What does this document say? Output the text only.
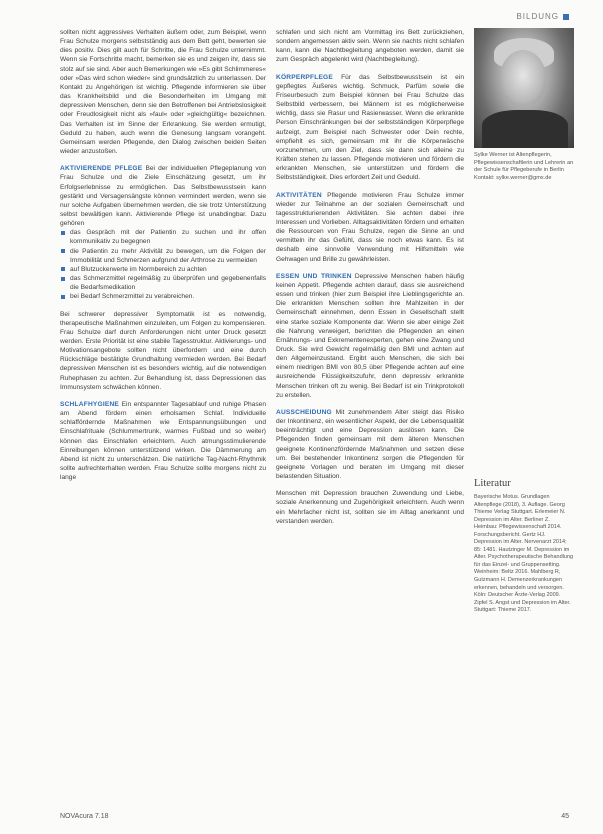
BILDUNG

sollten nicht aggressives Verhalten äußern oder, zum Beispiel, wenn Frau Schulze morgens selbstständig aus dem Bett geht, bewerten sie dies positiv. Dies gilt auch für Schritte, die Frau Schulze unternimmt. Wenn sie Fortschritte macht, bemerken sie es und zeigen ihr, dass sie stolz auf sie sind. Aber auch Bemerkungen wie »Es gibt Schlimmeres« oder »Das wird schon wieder« sind grundsätzlich zu unterlassen. Der Kontakt zu Angehörigen ist wichtig. Pflegende informieren sie über das Krankheitsbild und die Besonderheiten im Umgang mit depressiven Menschen, denn sie den Betroffenen bei Antriebslosigkeit oder Freudlosigkeit nicht als »faul« oder »gleichgültig« bezeichnen. Das Verhalten ist im Sinne der Erkrankung. Sie werden ermutigt, Geduld zu haben, auch wenn die Genesung langsam vorangeht. Gemeinsam werden Pflegende, den Dialog zwischen beiden Seiten wieder anzustoßen.

AKTIVIERENDE PFLEGE Bei der individuellen Pflegeplanung von Frau Schulze und die Ziele Einschätzung gesetzt, um ihr Erfolgserlebnisse zu ermöglichen. Das Selbstbewusstsein kann gestärkt und Versagensängste können vermindert werden, wenn sie nur solche Aufgaben übernehmen werden, die sie trotz Unterstützung selbst bewältigen kann. Aktivierende Pflege ist unabdingbar. Dazu gehören

das Gespräch mit der Patientin zu suchen und ihr offen kommunikativ zu begegnen
die Patientin zu mehr Aktivität zu bewegen, um die Folgen der Immobilität und Schmerzen aufgrund der Arthrose zu vermeiden
auf Blutzuckerwerte im Normbereich zu achten
das Schmerzmittel regelmäßig zu überprüfen und gegebenenfalls die Bedarfsmedikation
bei Bedarf Schmerzmittel zu verabreichen.

Bei schwerer depressiver Symptomatik ist es notwendig, therapeutische Maßnahmen einzuleiten, um Folgen zu kompensieren. Frau Schulze darf durch Anforderungen nicht unter Druck gesetzt werden. Erste Priorität ist eine stabile Tagesstruktur. Aktivierungs- und Motivationsangebote sollten nicht überfordern und eine durch Rückschläge bestätigte Grundhaltung vermieden werden. Bei Bedarf depressiven Menschen ist es besonders wichtig, auf die notwendigen Ruhephasen zu achten. Zur Behandlung ist, dass Depressionen das Immunsystem schwächen können.

SCHLAFHYGIENE Ein entspannter Tagesablauf und ruhige Phasen am Abend fördern einen erholsamen Schlaf. Individuelle schlaffördernde Maßnahmen wie Entspannungsübungen und Einschlafrituale (Schlummertrunk, warmes Fußbad und so weiter) können das Einschlafen erleichtern. Auch atmungsstimulierende Einreibungen können unterstützend wirken. Die Dämmerung am Abend ist nicht zu unterschätzen. Die natürliche Tag-Nacht-Rhythmik sollte aufrechterhalten werden. Frau Schulze sollte morgens nicht zu lange

schlafen und sich nicht am Vormittag ins Bett zurückziehen, sondern angemessen aktiv sein. Wenn sie nachts nicht schlafen kann, kann die Nachtbegleitung angeboten werden, damit sie zum Gespräch abgelenkt wird (Nachtbegleitung).

KÖRPERPFLEGE Für das Selbstbewusstsein ist ein gepflegtes Äußeres wichtig. Schmuck, Parfüm sowie die Friseurbesuch zum Beispiel können bei Frau Schulze das Selbstbild verbessern, bei Männern ist es möglicherweise wichtig, dass sie Rasur und Rasierwasser. Wenn die erkrankte Person Einschränkungen bei der selbstständigen Körperpflege aufzeigt, zum Beispiel nach Schwester oder Dein rechte, empfiehlt es sich, gemeinsam mit ihr die Körperwäsche vorzunehmen, um den Ziel, dass sie dann sich alleine zu Kräften stehen zu lassen. Pflegende motivieren und fördern die erkrankten Menschen, sie unterstützen und fördern die Selbstständigkeit. Dies erfordert Zeit und Geduld.

AKTIVITÄTEN Pflegende motivieren Frau Schulze immer wieder zur Teilnahme an der sozialen Gemeinschaft und tagesstrukturierenden Aktivitäten. Sie achten dabei ihre Interessen und Vorlieben. Alltagsaktivitäten fördern und erhalten die Ressourcen von Frau Schulze, regen die Sinne an und vermitteln ihr das Gefühl, dass sie noch etwas kann. Es ist deshalb eine sinnvolle Verwendung mit Hilfsmitteln wie Gehwagen und Brille zu gewährleisten.

ESSEN UND TRINKEN Depressive Menschen haben häufig keinen Appetit. Pflegende achten darauf, dass sie ausreichend essen und trinken (hier zum Beispiel ihre Lieblingsgerichte an. Die erkrankten Menschen sollten ihre Mahlzeiten in der Gemeinschaft einnehmen, denn Essen in Gesellschaft stellt eine starke soziale Komponente dar. Wenn sie aber einige Zeit die Nahrung verweigert, berichten die Pflegenden an einen Ernährungs- und Exkrementenexperten, gehen eine Zwang und Druck. Sie wird Gewicht regelmäßig den BMI und achten auf den Allgemeinzustand. Ergibt auch Menschen, die sich bei einem niedrigen BMI von 80,5 über Pflegende achten auf eine ausreichende Flüssigkeitszufuhr, denn depressiv erkrankte Menschen trinken oft zu wenig. Bei Bedarf ist ein Trinkprotokoll zu erstellen.

AUSSCHEIDUNG Mit zunehmendem Alter steigt das Risiko der Inkontinenz, ein wesentlicher Aspekt, der die Lebensqualität beeinträchtigt und eine Depression auslösen kann. Die Pflegenden finden gemeinsam mit dem älteren Menschen geeignete Kontinenzfördernde Maßnahmen und setzen diese um. Bei bestehender Inkontinenz sorgen die Pflegenden für geeignete Vorlagen und beraten im Umgang mit dieser belastenden Situation.

Menschen mit Depression brauchen Zuwendung und Liebe, soziale Anerkennung und Zugehörigkeit erleichtern. Auch wenn ein Mehrfacher nicht ist, sollten sie im Alltag anerkannt und verstanden werden.

Sylke Werner ist Altenpflegerin, Pflegewissenschaftlerin und Lehrerin an der Schule für Pflegeberufe in Berlin Kontakt: sylke.werner@gmx.de
Literatur
Bayerische Motus. Grundlagen Altenpflege (2018), 3. Auflage. Georg Thieme Verlag Stuttgart. Erlemeier N. Depression im Alter. Berliner Z. Heimbau: Pflegewissenschaft 2014. Forschungsbericht. Gertz HJ. Depression im Alter. Nervenarzt 2014; 85: 1481. Hautzinger M. Depression im Alter. Psychotherapeutische Behandlung für das Einzel- und Gruppensetting. Weinheim: Beltz 2016. Mahlberg R, Gutzmann H. Demenzerkrankungen erkennen, behandeln und versorgen. Köln: Deutscher Ärzte-Verlag 2009. Zipfel S. Angst und Depression im Alter. Stuttgart: Thieme 2017.
NOVAcura 7.18	45
